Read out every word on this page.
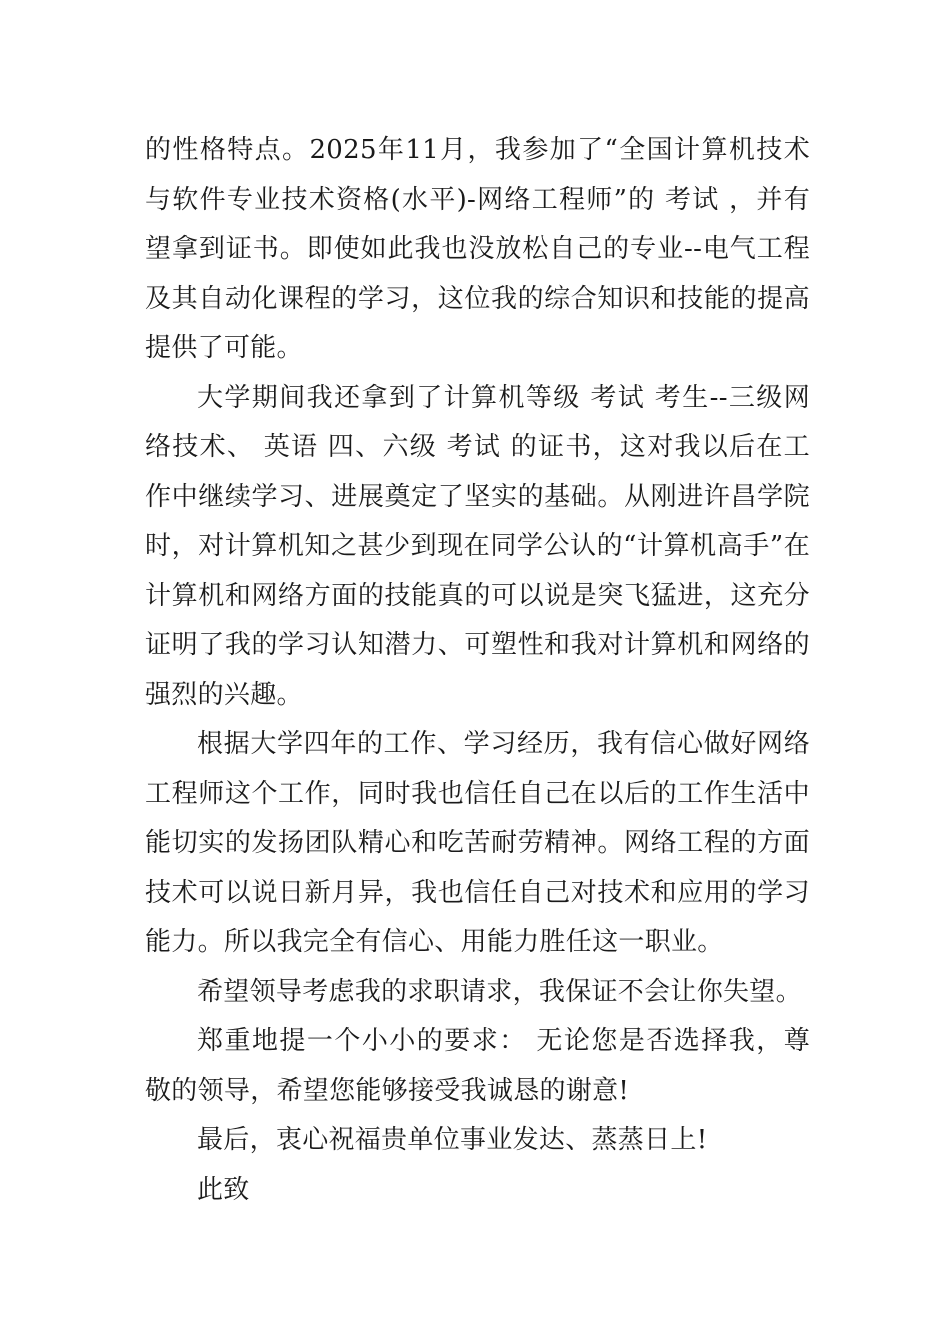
的性格特点。2025年11月，我参加了“全国计算机技术与软件专业技术资格(水平)-网络工程师”的 考试 ，并有望拿到证书。即使如此我也没放松自己的专业--电气工程及其自动化课程的学习，这位我的综合知识和技能的提高提供了可能。

大学期间我还拿到了计算机等级 考试 考生--三级网络技术、 英语 四、六级 考试 的证书，这对我以后在工作中继续学习、进展奠定了坚实的基础。从刚进许昌学院时，对计算机知之甚少到现在同学公认的“计算机高手”在计算机和网络方面的技能真的可以说是突飞猛进，这充分证明了我的学习认知潜力、可塑性和我对计算机和网络的强烈的兴趣。

根据大学四年的工作、学习经历，我有信心做好网络工程师这个工作，同时我也信任自己在以后的工作生活中能切实的发扬团队精心和吃苦耐劳精神。网络工程的方面技术可以说日新月异，我也信任自己对技术和应用的学习能力。所以我完全有信心、用能力胜任这一职业。

希望领导考虑我的求职请求，我保证不会让你失望。

郑重地提一个小小的要求： 无论您是否选择我，尊敬的领导，希望您能够接受我诚恳的谢意!

最后，衷心祝福贵单位事业发达、蒸蒸日上!

此致
